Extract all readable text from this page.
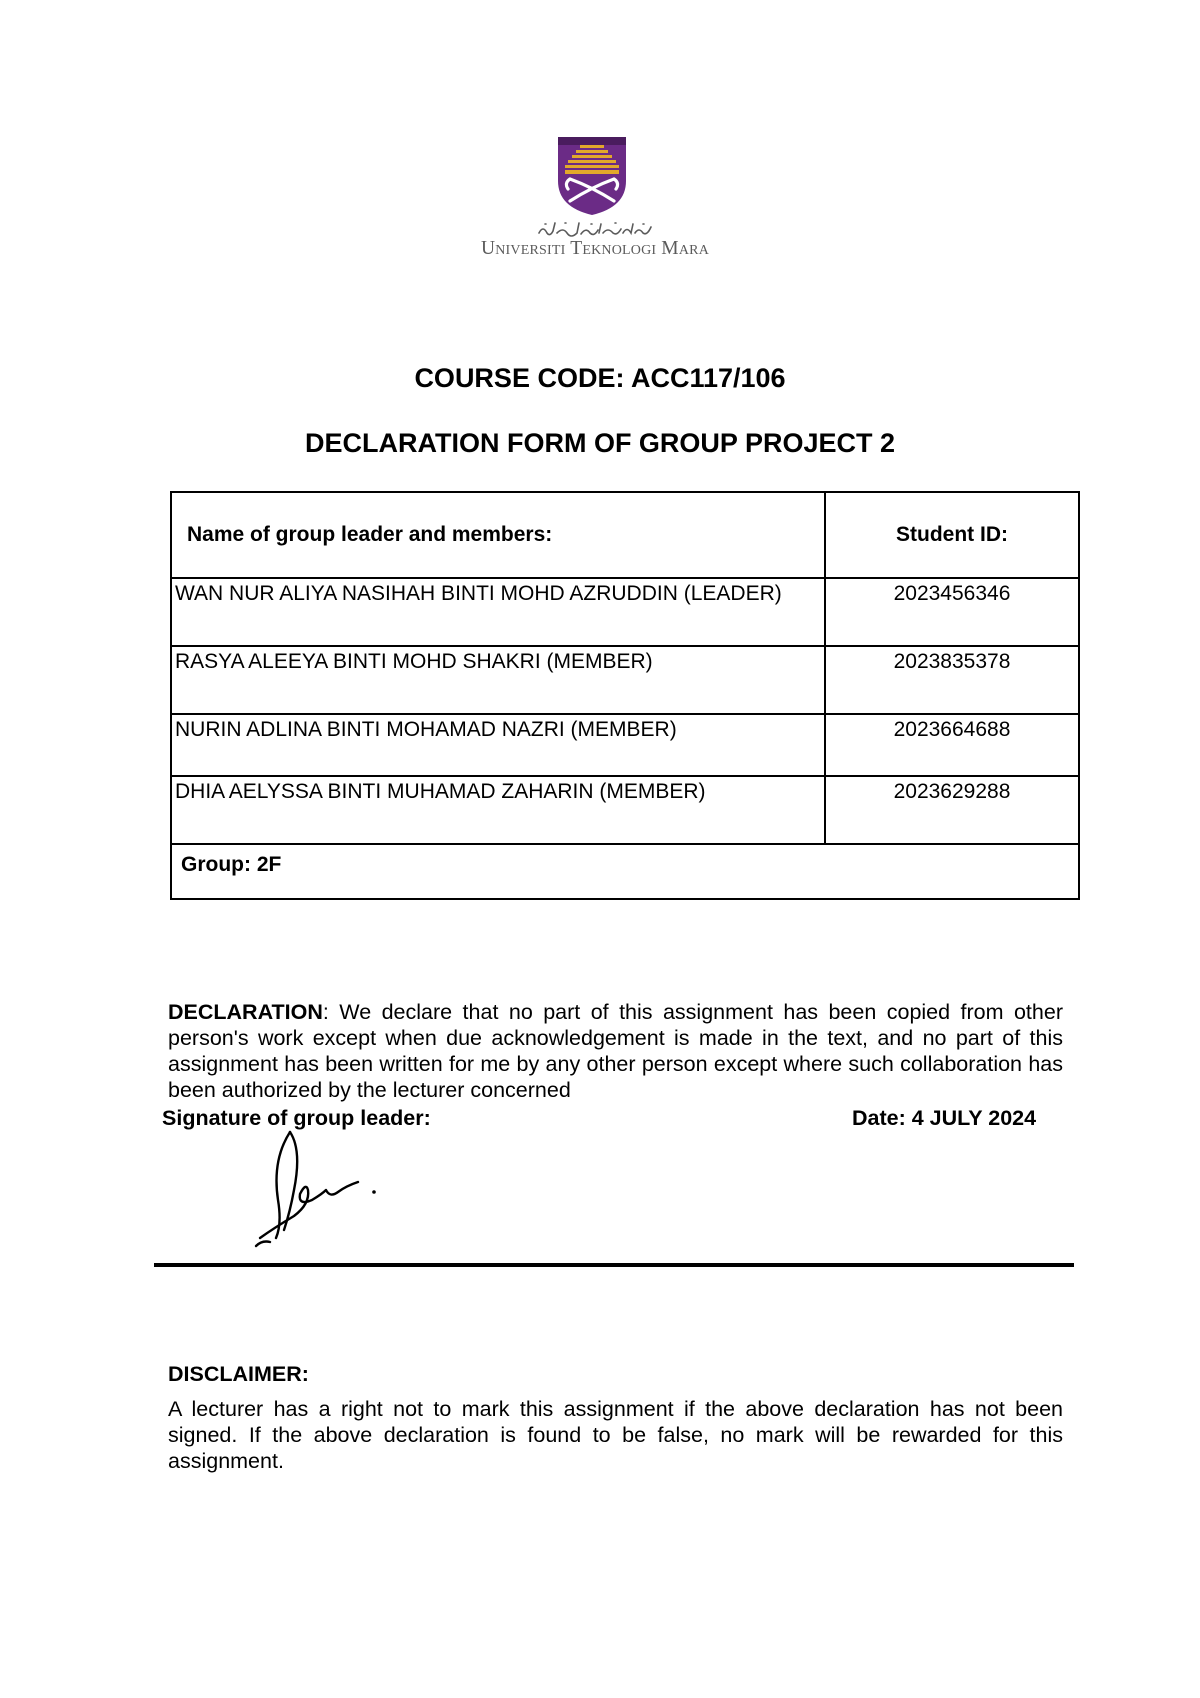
Universiti Teknologi Mara
COURSE CODE: ACC117/106
DECLARATION FORM OF GROUP PROJECT 2
Name of group leader and members:	Student ID:
WAN NUR ALIYA NASIHAH BINTI MOHD AZRUDDIN (LEADER)	2023456346
RASYA ALEEYA BINTI MOHD SHAKRI (MEMBER)	2023835378
NURIN ADLINA BINTI MOHAMAD NAZRI (MEMBER)	2023664688
DHIA AELYSSA BINTI MUHAMAD ZAHARIN (MEMBER)	2023629288
Group: 2F	

DECLARATION: We declare that no part of this assignment has been copied from other person's work except when due acknowledgement is made in the text, and no part of this assignment has been written for me by any other person except where such collaboration has been authorized by the lecturer concerned

Signature of group leader:	Date: 4 JULY 2024
DISCLAIMER:

A lecturer has a right not to mark this assignment if the above declaration has not been signed. If the above declaration is found to be false, no mark will be rewarded for this assignment.
